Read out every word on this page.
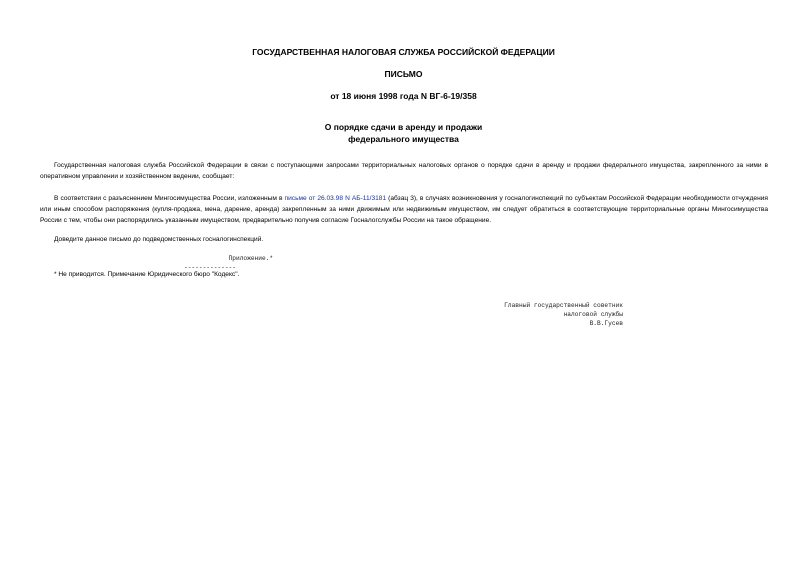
ГОСУДАРСТВЕННАЯ НАЛОГОВАЯ СЛУЖБА РОССИЙСКОЙ ФЕДЕРАЦИИ
ПИСЬМО
от 18 июня 1998 года N ВГ-6-19/358
О порядке сдачи в аренду и продажи
федерального имущества

Государственная налоговая служба Российской Федерации в связи с поступающими запросами территориальных налоговых органов о порядке сдачи в аренду и продажи федерального имущества, закрепленного за ними в оперативном управлении и хозяйственном ведении, сообщает:

В соответствии с разъяснением Мингосимущества России, изложенным в письме от 26.03.98 N АБ-11/3181 (абзац 3), в случаях возникновения у госналогинспекций по субъектам Российской Федерации необходимости отчуждения или иным способом распоряжения (купля-продажа, мена, дарение, аренда) закрепленным за ними движимым или недвижимым имуществом, им следует обратиться в соответствующие территориальные органы Мингосимущества России с тем, чтобы они распорядились указанным имуществом, предварительно получив согласие Госналогслужбы России на такое обращение.

Доведите данное письмо до подведомственных госналогинспекций.

Приложение.*
--------------
* Не приводится. Примечание Юридического бюро "Кодекс".
Главный государственный советник
налоговой службы
В.В.Гусев
